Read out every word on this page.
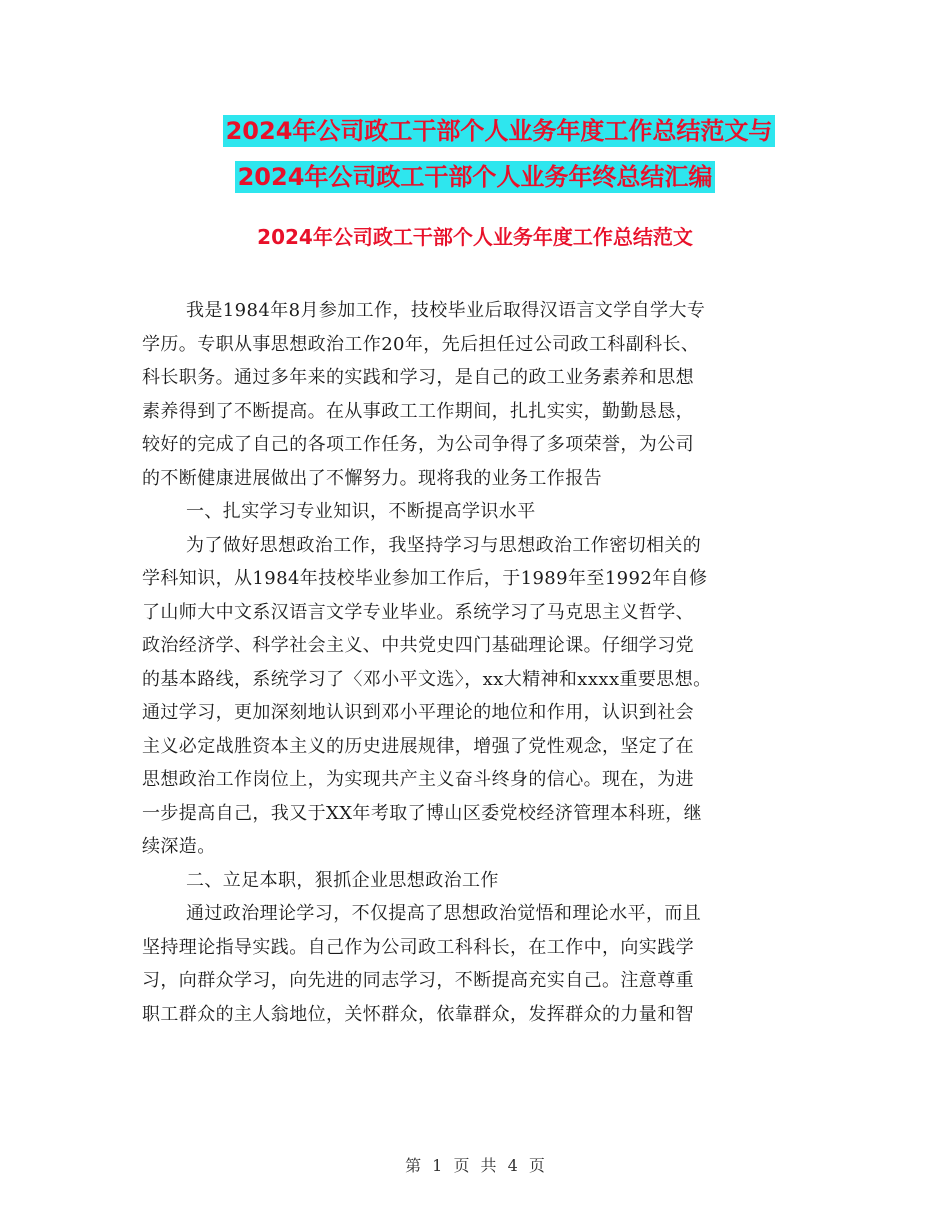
2024年公司政工干部个人业务年度工作总结范文与
2024年公司政工干部个人业务年终总结汇编
2024年公司政工干部个人业务年度工作总结范文
我是1984年8月参加工作，技校毕业后取得汉语言文学自学大专
学历。专职从事思想政治工作20年，先后担任过公司政工科副科长、
科长职务。通过多年来的实践和学习，是自己的政工业务素养和思想
素养得到了不断提高。在从事政工工作期间，扎扎实实，勤勤恳恳，
较好的完成了自己的各项工作任务，为公司争得了多项荣誉，为公司
的不断健康进展做出了不懈努力。现将我的业务工作报告
一、扎实学习专业知识，不断提高学识水平
为了做好思想政治工作，我坚持学习与思想政治工作密切相关的
学科知识，从1984年技校毕业参加工作后，于1989年至1992年自修
了山师大中文系汉语言文学专业毕业。系统学习了马克思主义哲学、
政治经济学、科学社会主义、中共党史四门基础理论课。仔细学习党
的基本路线，系统学习了〈邓小平文选〉，xx大精神和xxxx重要思想。
通过学习，更加深刻地认识到邓小平理论的地位和作用，认识到社会
主义必定战胜资本主义的历史进展规律，增强了党性观念，坚定了在
思想政治工作岗位上，为实现共产主义奋斗终身的信心。现在，为进
一步提高自己，我又于XX年考取了博山区委党校经济管理本科班，继
续深造。
二、立足本职，狠抓企业思想政治工作
通过政治理论学习，不仅提高了思想政治觉悟和理论水平，而且
坚持理论指导实践。自己作为公司政工科科长，在工作中，向实践学
习，向群众学习，向先进的同志学习，不断提高充实自己。注意尊重
职工群众的主人翁地位，关怀群众，依靠群众，发挥群众的力量和智
第 1 页 共 4 页
